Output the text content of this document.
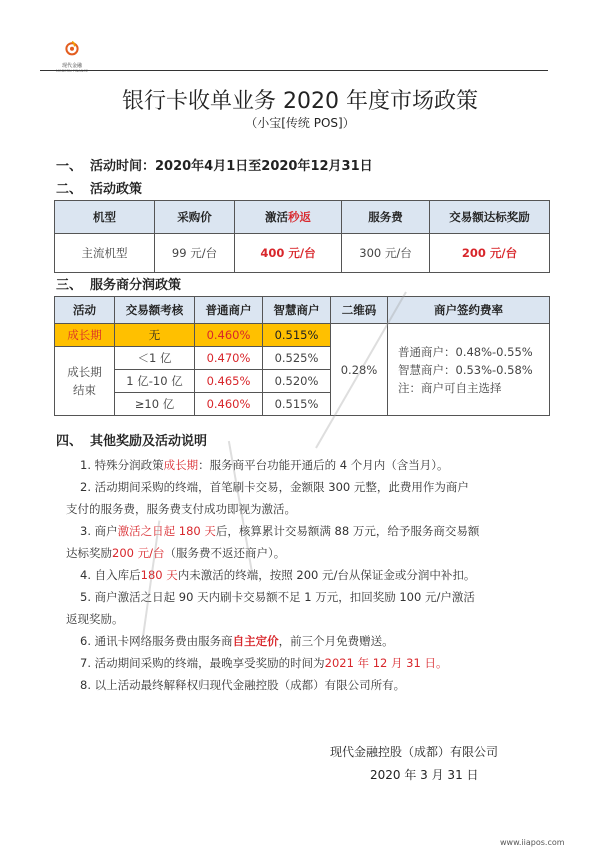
现代金融
MODERN FINANCE
银行卡收单业务 2020 年度市场政策
（小宝[传统 POS]）
一、 活动时间：2020年4月1日至2020年12月31日
二、 活动政策
机型	采购价	激活秒返	服务费	交易额达标奖励
主流机型	99 元/台	400 元/台	300 元/台	200 元/台
三、 服务商分润政策
活动	交易额考核	普通商户	智慧商户	二维码	商户签约费率
成长期	无	0.460%	0.515%	0.28%	普通商户：0.48%-0.55%
智慧商户：0.53%-0.58%
注：商户可自主选择

成长期结束	＜1 亿	0.470%	0.525%		
	1 亿-10 亿	0.465%	0.520%		
	≥10 亿	0.460%	0.515%		
四、 其他奖励及活动说明

1. 特殊分润政策成长期：服务商平台功能开通后的 4 个月内（含当月）。

2. 活动期间采购的终端，首笔刷卡交易，金额限 300 元整，此费用作为商户

支付的服务费，服务费支付成功即视为激活。

3. 商户激活之日起 180 天后，核算累计交易额满 88 万元，给予服务商交易额

达标奖励200 元/台（服务费不返还商户）。

4. 自入库后180 天内未激活的终端，按照 200 元/台从保证金或分润中补扣。

5. 商户激活之日起 90 天内刷卡交易额不足 1 万元，扣回奖励 100 元/户激活

返现奖励。

6. 通讯卡网络服务费由服务商自主定价，前三个月免费赠送。

7. 活动期间采购的终端，最晚享受奖励的时间为2021 年 12 月 31 日。

8. 以上活动最终解释权归现代金融控股（成都）有限公司所有。

现代金融控股（成都）有限公司
2020 年 3 月 31 日
www.iiapos.com
